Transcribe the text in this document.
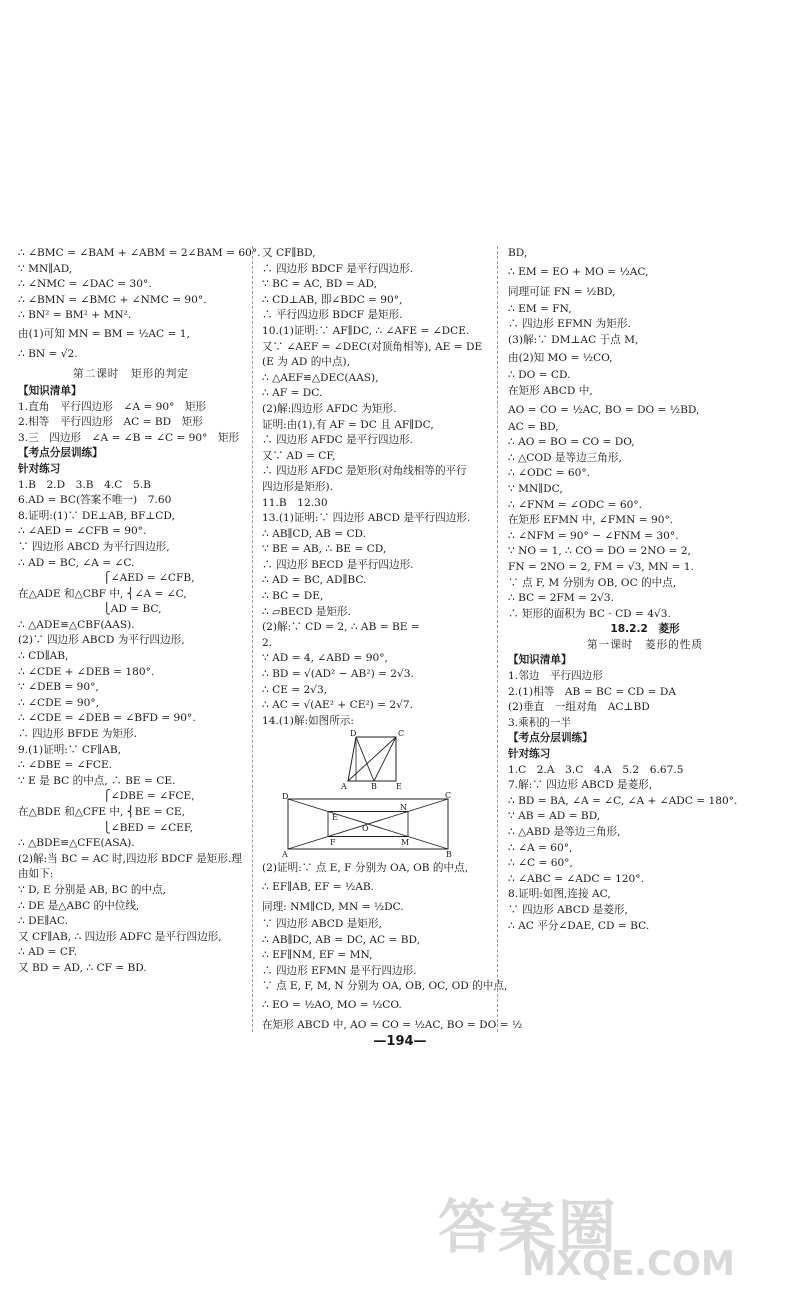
∴ ∠BMC = ∠BAM + ∠ABM = 2∠BAM = 60°.
∵ MN∥AD,
∴ ∠NMC = ∠DAC = 30°.
∴ ∠BMN = ∠BMC + ∠NMC = 90°.
∴ BN² = BM² + MN².
由(1)可知 MN = BM = ½AC = 1,
∴ BN = √2.
第二课时　矩形的判定
【知识清单】
1.直角　平行四边形　∠A = 90°　矩形
2.相等　平行四边形　AC = BD　矩形
3.三　四边形　∠A = ∠B = ∠C = 90°　矩形
【考点分层训练】
针对练习
1.B　2.D　3.B　4.C　5.B
6.AD = BC(答案不唯一)　7.60
8.证明:(1)∵ DE⊥AB, BF⊥CD,
∴ ∠AED = ∠CFB = 90°.
∵ 四边形 ABCD 为平行四边形,
∴ AD = BC, ∠A = ∠C.
　　　　　　　　⎧∠AED = ∠CFB,
在△ADE 和△CBF 中, ⎨∠A = ∠C,
　　　　　　　　⎩AD = BC,
∴ △ADE≌△CBF(AAS).
(2)∵ 四边形 ABCD 为平行四边形,
∴ CD∥AB,
∴ ∠CDE + ∠DEB = 180°.
∵ ∠DEB = 90°,
∴ ∠CDE = 90°,
∴ ∠CDE = ∠DEB = ∠BFD = 90°.
∴ 四边形 BFDE 为矩形.
9.(1)证明:∵ CF∥AB,
∴ ∠DBE = ∠FCE.
∵ E 是 BC 的中点, ∴ BE = CE.
　　　　　　　　⎧∠DBE = ∠FCE,
在△BDE 和△CFE 中, ⎨BE = CE,
　　　　　　　　⎩∠BED = ∠CEF,
∴ △BDE≌△CFE(ASA).
(2)解:当 BC = AC 时,四边形 BDCF 是矩形.理
由如下:
∵ D, E 分别是 AB, BC 的中点,
∴ DE 是△ABC 的中位线,
∴ DE∥AC.
又 CF∥AB, ∴ 四边形 ADFC 是平行四边形,
∴ AD = CF.
又 BD = AD, ∴ CF = BD.
又 CF∥BD,
∴ 四边形 BDCF 是平行四边形.
∵ BC = AC, BD = AD,
∴ CD⊥AB, 即∠BDC = 90°,
∴ 平行四边形 BDCF 是矩形.
10.(1)证明:∵ AF∥DC, ∴ ∠AFE = ∠DCE.
又∵ ∠AEF = ∠DEC(对顶角相等), AE = DE
(E 为 AD 的中点),
∴ △AEF≌△DEC(AAS),
∴ AF = DC.
(2)解:四边形 AFDC 为矩形.
证明:由(1),有 AF = DC 且 AF∥DC,
∴ 四边形 AFDC 是平行四边形.
又∵ AD = CF,
∴ 四边形 AFDC 是矩形(对角线相等的平行
四边形是矩形).
11.B　12.30
13.(1)证明:∵ 四边形 ABCD 是平行四边形.
∴ AB∥CD, AB = CD.
∵ BE = AB, ∴ BE = CD,
∴ 四边形 BECD 是平行四边形.
∴ AD = BC, AD∥BC.
∴ BC = DE,
∴ ▱BECD 是矩形.
(2)解:∵ CD = 2, ∴ AB = BE =
2.
∵ AD = 4, ∠ABD = 90°,
∴ BD = √(AD² − AB²) = 2√3.
∴ CE = 2√3,
∴ AC = √(AE² + CE²) = 2√7.
14.(1)解:如图所示:
D	C
A	B E
D	C
A	B
E
N
O
F	M
(2)证明:∵ 点 E, F 分别为 OA, OB 的中点,
∴ EF∥AB, EF = ½AB.
同理: NM∥CD, MN = ½DC.
∵ 四边形 ABCD 是矩形,
∴ AB∥DC, AB = DC, AC = BD,
∴ EF∥NM, EF = MN,
∴ 四边形 EFMN 是平行四边形.
∵ 点 E, F, M, N 分别为 OA, OB, OC, OD 的中点,
∴ EO = ½AO, MO = ½CO.
在矩形 ABCD 中, AO = CO = ½AC, BO = DO = ½
BD,
∴ EM = EO + MO = ½AC,
同理可证 FN = ½BD,
∴ EM = FN,
∴ 四边形 EFMN 为矩形.
(3)解:∵ DM⊥AC 于点 M,
由(2)知 MO = ½CO,
∴ DO = CD.
在矩形 ABCD 中,
AO = CO = ½AC, BO = DO = ½BD,
AC = BD,
∴ AO = BO = CO = DO,
∴ △COD 是等边三角形,
∴ ∠ODC = 60°.
∵ MN∥DC,
∴ ∠FNM = ∠ODC = 60°.
在矩形 EFMN 中, ∠FMN = 90°.
∴ ∠NFM = 90° − ∠FNM = 30°.
∵ NO = 1, ∴ CO = DO = 2NO = 2,
FN = 2NO = 2, FM = √3, MN = 1.
∵ 点 F, M 分别为 OB, OC 的中点,
∴ BC = 2FM = 2√3.
∴ 矩形的面积为 BC · CD = 4√3.
18.2.2　菱形
第一课时　菱形的性质
【知识清单】
1.邻边　平行四边形
2.(1)相等　AB = BC = CD = DA
(2)垂直　一组对角　AC⊥BD
3.乘积的一半
【考点分层训练】
针对练习
1.C　2.A　3.C　4.A　5.2　6.67.5
7.解:∵ 四边形 ABCD 是菱形,
∴ BD = BA, ∠A = ∠C, ∠A + ∠ADC = 180°.
∵ AB = AD = BD,
∴ △ABD 是等边三角形,
∴ ∠A = 60°,
∴ ∠C = 60°,
∴ ∠ABC = ∠ADC = 120°.
8.证明:如图,连接 AC,
∵ 四边形 ABCD 是菱形,
∴ AC 平分∠DAE, CD = BC.
—194—
答案圈
MXQE.COM
